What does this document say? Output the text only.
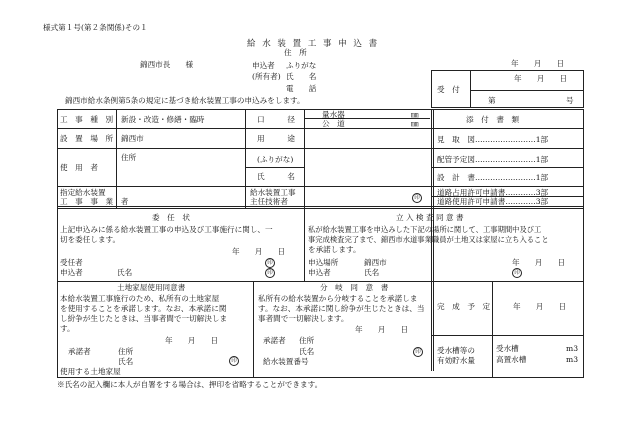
様式第１号(第２条関係)その１
給 水 装 置 工 事 申 込 書
錦西市長　　様	年　　月　　日
住　所
申込者 ふりがな
(所有者) 氏　　名
電　　話
錦西市給水条例第5条の規定に基づき給水装置工事の申込みをします。
受　付
年　　月　　日
第	号
工　事　種　別 新設・改造・修繕・臨時	口　　　径
量水器	㎜
公　道	㎜	添　付　書　類
設　置　場　所 錦西市	用　　　途
使　用　者
住所	(ふりがな)
氏　　　名
指定給水装置
工　事　事　業　者
給水装置工事
主任技術者	印
見　取　図……………………1部
配管予定図……………………1部
設　計　書……………………1部
道路占用許可申請書…………3部
道路使用許可申請書…………3部
委　任　状
上記申込みに係る給水装置工事の申込及び工事施行に関し、一
切を委任します。
年　　月　　日
受任者	印
申込者	氏名	印
立 入 検 査 同 意 書
私が給水装置工事を申込みした下記の場所に関して、工事期間中及び工
事完成検査完了まで、錦西市水道事業職員が土地又は家屋に立ち入ること
を承諾します。
申込場所	錦西市	年　　月　　日
申込者	氏名	印
土地家屋使用同意書
本給水装置工事施行のため、私所有の土地家屋
を使用することを承諾します。なお、本承諾に関
し紛争が生じたときは、当事者間で一切解決しま
す。
年　　月　　日
承諾者	住所
氏名	印
使用する土地家屋
分　岐　同　意　書
私所有の給水装置から分岐することを承諾しま
す。なお、本承諾に関し紛争が生じたときは、当
事者間で一切解決します。
年　　月　　日
承諾者 住所
氏名	印
給水装置番号
完　成　予　定	年　　月　　日
受水槽等の
有効貯水量
受水槽	m3
高置水槽	m3
※氏名の記入欄に本人が自署をする場合は、押印を省略することができます。
